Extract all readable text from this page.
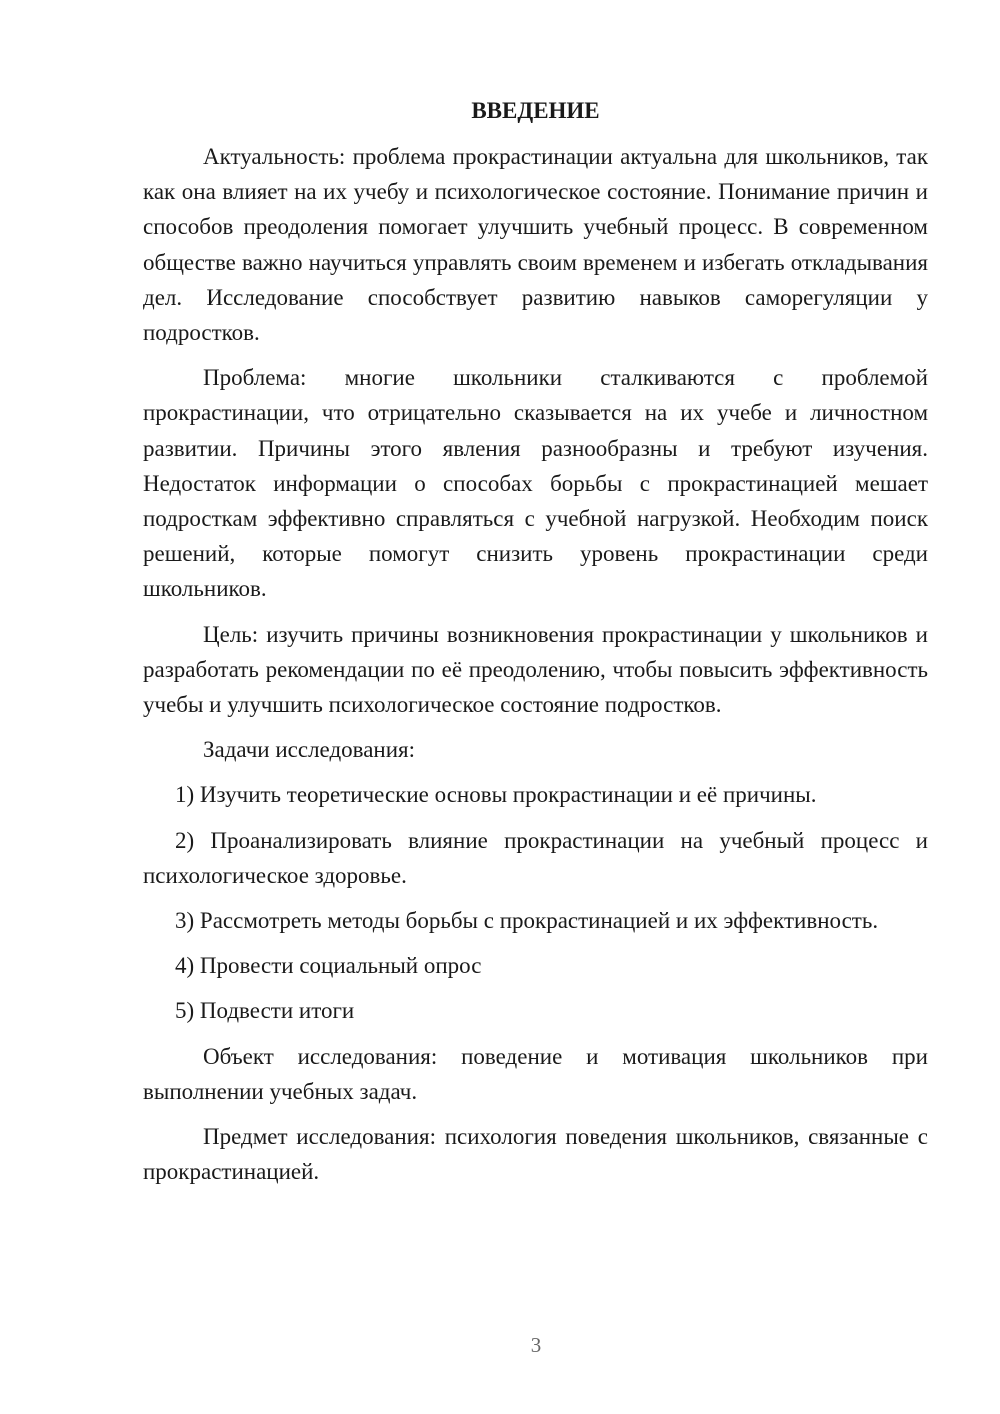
ВВЕДЕНИЕ

Актуальность: проблема прокрастинации актуальна для школьников, так как она влияет на их учебу и психологическое состояние. Понимание причин и способов преодоления помогает улучшить учебный процесс. В современном обществе важно научиться управлять своим временем и избегать откладывания дел. Исследование способствует развитию навыков саморегуляции у подростков.

Проблема: многие школьники сталкиваются с проблемой прокрастинации, что отрицательно сказывается на их учебе и личностном развитии. Причины этого явления разнообразны и требуют изучения. Недостаток информации о способах борьбы с прокрастинацией мешает подросткам эффективно справляться с учебной нагрузкой. Необходим поиск решений, которые помогут снизить уровень прокрастинации среди школьников.

Цель: изучить причины возникновения прокрастинации у школьников и разработать рекомендации по её преодолению, чтобы повысить эффективность учебы и улучшить психологическое состояние подростков.

Задачи исследования:

1) Изучить теоретические основы прокрастинации и её причины.

2) Проанализировать влияние прокрастинации на учебный процесс и психологическое здоровье.

3) Рассмотреть методы борьбы с прокрастинацией и их эффективность.

4) Провести социальный опрос

5) Подвести итоги

Объект исследования: поведение и мотивация школьников при выполнении учебных задач.

Предмет исследования: психология поведения школьников, связанные с прокрастинацией.

3
